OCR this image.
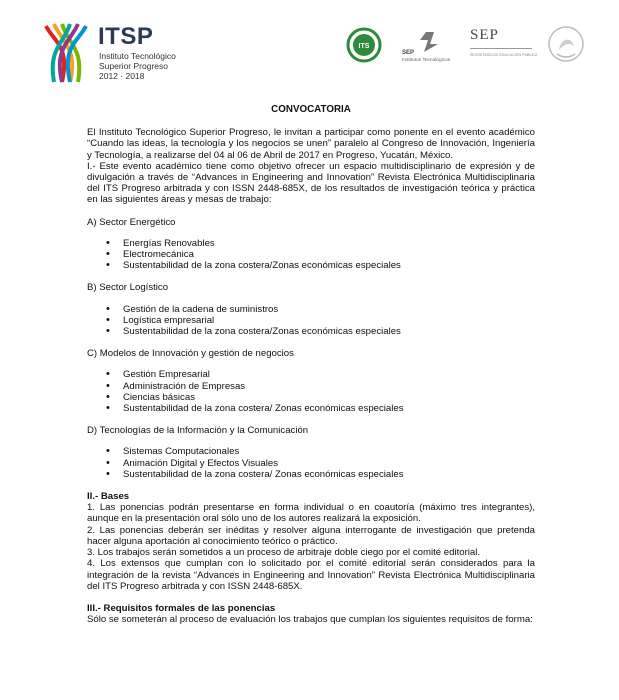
ITSP
Instituto Tecnológico
Superior Progreso
2012 · 2018
ITS
SEP
Institutos Tecnológicos
SEP
SECRETARÍA DE EDUCACIÓN PÚBLICA
CONVOCATORIA

El Instituto Tecnológico Superior Progreso, le invitan a participar como ponente en el evento académico “Cuando las ideas, la tecnología y los negocios se unen” paralelo al Congreso de Innovación, Ingeniería y Tecnología, a realizarse del 04 al 06 de Abril de 2017 en Progreso, Yucatán, México.

I.- Este evento académico tiene como objetivo ofrecer un espacio multidisciplinario de expresión y de divulgación a través de “Advances in Engineering and Innovation” Revista Electrónica Multidisciplinaria del ITS Progreso arbitrada y con ISSN 2448-685X, de los resultados de investigación teórica y práctica en las siguientes áreas y mesas de trabajo:

A) Sector Energético
• Energías Renovables
• Electromecánica
• Sustentabilidad de la zona costera/Zonas económicas especiales
B) Sector Logístico
• Gestión de la cadena de suministros
• Logística empresarial
• Sustentabilidad de la zona costera/Zonas económicas especiales
C) Modelos de Innovación y gestión de negocios
• Gestión Empresarial
• Administración de Empresas
• Ciencias básicas
• Sustentabilidad de la zona costera/ Zonas económicas especiales
D) Tecnologías de la Información y la Comunicación
• Sistemas Computacionales
• Animación Digital y Efectos Visuales
• Sustentabilidad de la zona costera/ Zonas económicas especiales
II.- Bases

1. Las ponencias podrán presentarse en forma individual o en coautoría (máximo tres integrantes), aunque en la presentación oral sólo uno de los autores realizará la exposición.

2. Las ponencias deberán ser inéditas y resolver alguna interrogante de investigación que pretenda hacer alguna aportación al conocimiento teórico o práctico.

3. Los trabajos serán sometidos a un proceso de arbitraje doble ciego por el comité editorial.

4. Los extensos que cumplan con lo solicitado por el comité editorial serán considerados para la integración de la revista “Advances in Engineering and Innovation” Revista Electrónica Multidisciplinaria del ITS Progreso arbitrada y con ISSN 2448-685X.

III.- Requisitos formales de las ponencias

Sólo se someterán al proceso de evaluación los trabajos que cumplan los siguientes requisitos de forma:
